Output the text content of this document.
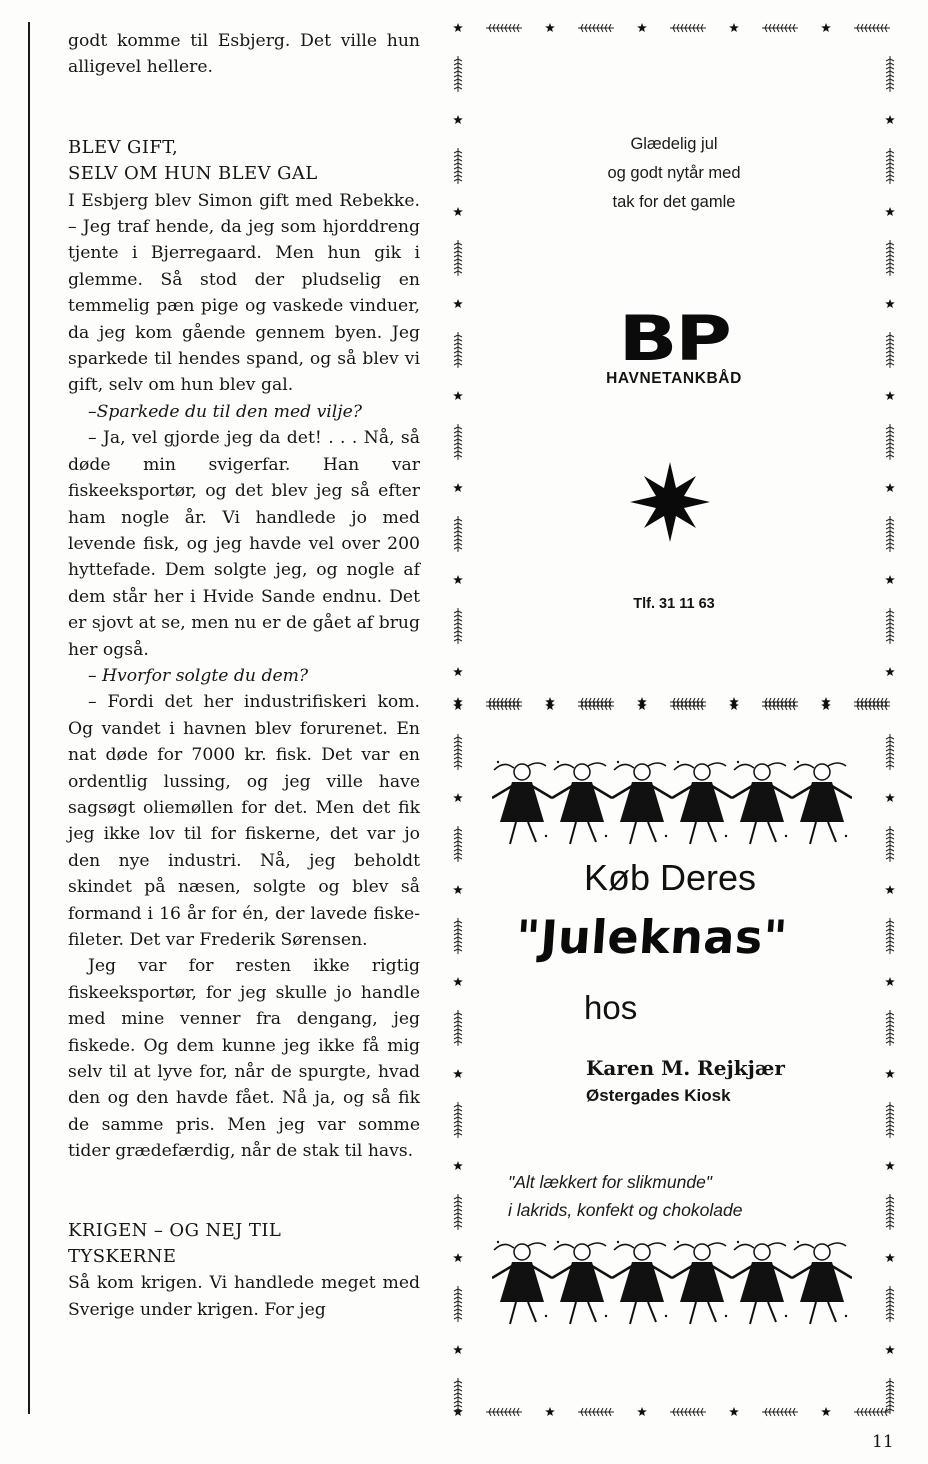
godt komme til Esbjerg. Det ville hun alligevel hellere.

BLEV GIFT,
SELV OM HUN BLEV GAL

I Esbjerg blev Simon gift med Rebekke. – Jeg traf hende, da jeg som hjorddreng tjente i Bjerregaard. Men hun gik i glemme. Så stod der pludselig en temmelig pæn pige og vaskede vinduer, da jeg kom gående gennem byen. Jeg sparkede til hendes spand, og så blev vi gift, selv om hun blev gal.

–Sparkede du til den med vilje?

– Ja, vel gjorde jeg da det! . . . Nå, så døde min svigerfar. Han var fiskeeksportør, og det blev jeg så efter ham nogle år. Vi handlede jo med levende fisk, og jeg havde vel over 200 hyttefade. Dem solgte jeg, og nogle af dem står her i Hvide Sande endnu. Det er sjovt at se, men nu er de gået af brug her også.

– Hvorfor solgte du dem?

– Fordi det her industrifiskeri kom. Og vandet i havnen blev forurenet. En nat døde for 7000 kr. fisk. Det var en ordentlig lussing, og jeg ville have sagsøgt oliemøllen for det. Men det fik jeg ikke lov til for fiskerne, det var jo den nye industri. Nå, jeg beholdt skindet på næsen, solgte og blev så formand i 16 år for én, der lavede fiske-fileter. Det var Frederik Sørensen.

Jeg var for resten ikke rigtig fiskeeksportør, for jeg skulle jo handle med mine venner fra dengang, jeg fiskede. Og dem kunne jeg ikke få mig selv til at lyve for, når de spurgte, hvad den og den havde fået. Nå ja, og så fik de samme pris. Men jeg var somme tider grædefærdig, når de stak til havs.

KRIGEN – OG NEJ TIL
TYSKERNE

Så kom krigen. Vi handlede meget med Sverige under krigen. For jeg

Glædelig jul
og godt nytår med
tak for det gamle
BP
HAVNETANKBÅD
Tlf. 31 11 63
Køb Deres
"Juleknas"
hos
Karen M. Rejkjær
Østergades Kiosk
"Alt lækkert for slikmunde"
i lakrids, konfekt og chokolade
11
